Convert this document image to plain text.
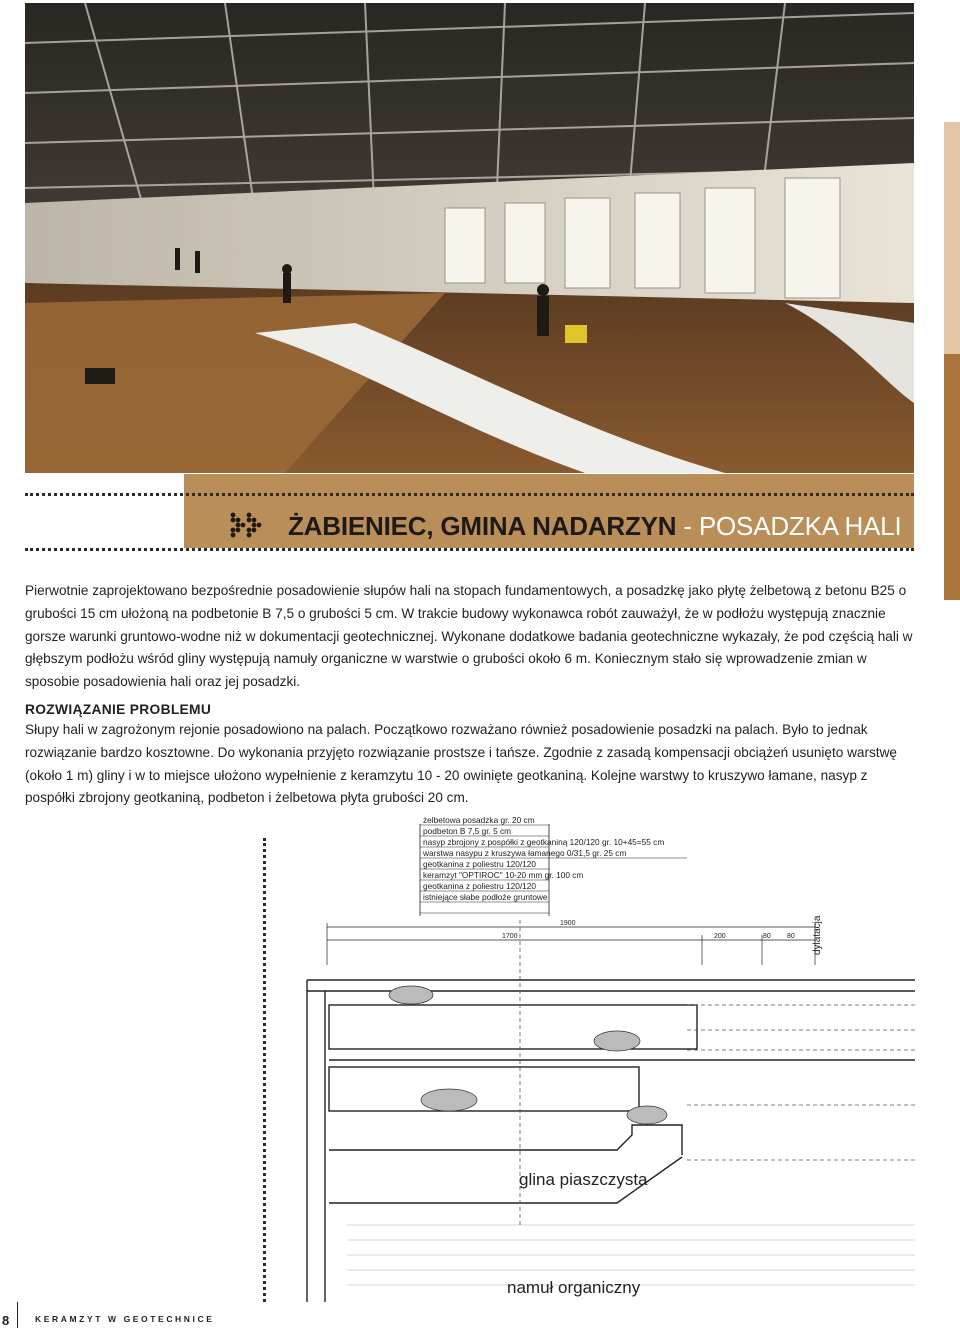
ŻABIENIEC, GMINA NADARZYN - POSADZKA HALI

Pierwotnie zaprojektowano bezpośrednie posadowienie słupów hali na stopach fundamentowych, a posadzkę jako płytę żelbetową z betonu B25 o grubości 15 cm ułożoną na podbetonie B 7,5 o grubości 5 cm. W trakcie budowy wykonawca robót zauważył, że w podłożu występują znacznie gorsze warunki gruntowo-wodne niż w dokumentacji geotechnicznej. Wykonane dodatkowe badania geotechniczne wykazały, że pod częścią hali w głębszym podłożu wśród gliny występują namuły organiczne w warstwie o grubości około 6 m. Koniecznym stało się wprowadzenie zmian w sposobie posadowienia hali oraz jej posadzki.

ROZWIĄZANIE PROBLEMU

Słupy hali w zagrożonym rejonie posadowiono na palach. Początkowo rozważano również posadowienie posadzki na palach. Było to jednak rozwiązanie bardzo kosztowne. Do wykonania przyjęto rozwiązanie prostsze i tańsze. Zgodnie z zasadą kompensacji obciążeń usunięto warstwę (około 1 m) gliny i w to miejsce ułożono wypełnienie z keramzytu 10 - 20 owinięte geotkaniną. Kolejne warstwy to kruszywo łamane, nasyp z pospółki zbrojony geotkaniną, podbeton i żelbetowa płyta grubości 20 cm.

żelbetowa posadzka gr. 20 cm
podbeton B 7,5 gr. 5 cm
nasyp zbrojony z pospółki z geotkaniną 120/120 gr. 10+45=55 cm
warstwa nasypu z kruszywa łamanego 0/31,5 gr. 25 cm
geotkanina z poliestru 120/120
keramzyt "OPTIROC" 10-20 mm gr. 100 cm
geotkanina z poliestru 120/120
istniejące słabe podłoże gruntowe
1900
1700	200	80 80 dylatacja
glina piaszczysta
namuł organiczny
8	KERAMZYT W GEOTECHNICE
